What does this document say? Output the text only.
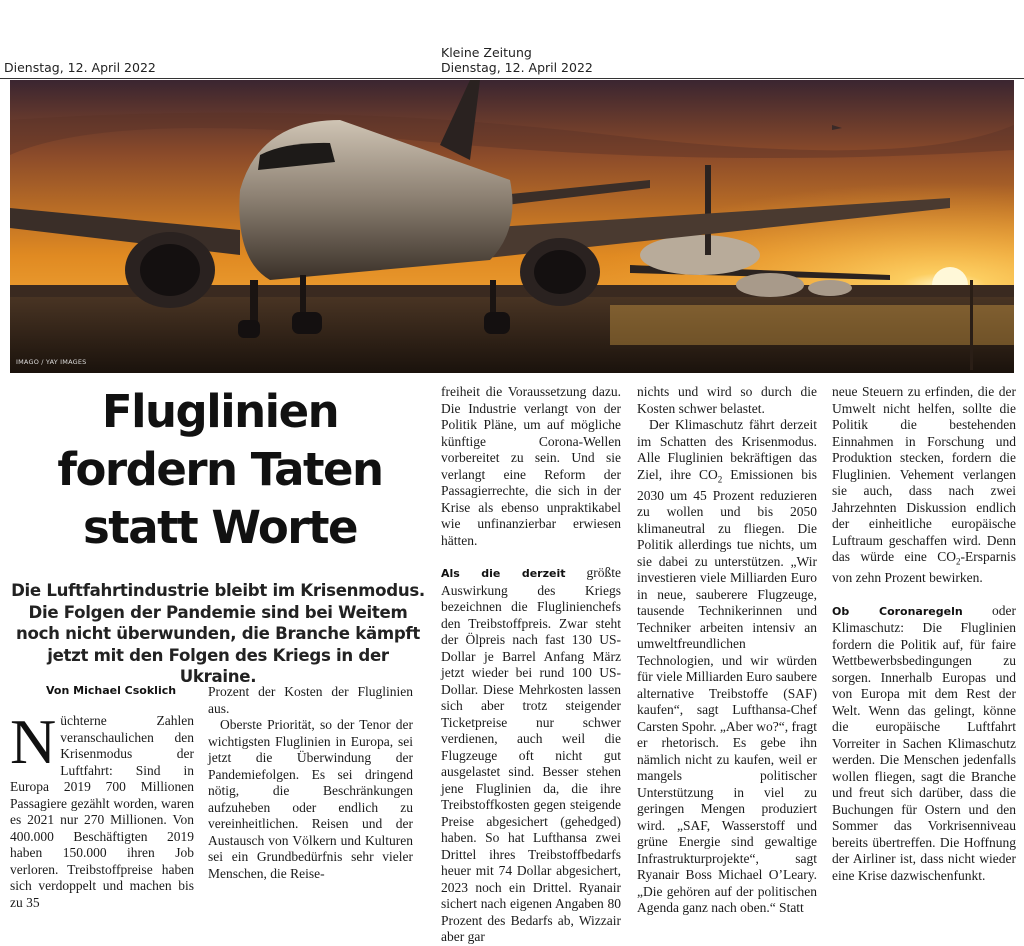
Dienstag, 12. April 2022
Kleine Zeitung
Dienstag, 12. April 2022
IMAGO / YAY IMAGES
Fluglinien
fordern Taten
statt Worte
Die Luftfahrtindustrie bleibt im Krisenmodus. Die Folgen der Pandemie sind bei Weitem noch nicht überwunden, die Branche kämpft jetzt mit den Folgen des Kriegs in der Ukraine.
Von Michael Csoklich

Nüchterne Zahlen veranschaulichen den Krisenmodus der Luftfahrt: Sind in Europa 2019 700 Millionen Passagiere gezählt worden, waren es 2021 nur 270 Millionen. Von 400.000 Beschäftigten 2019 haben 150.000 ihren Job verloren. Treibstoffpreise haben sich verdoppelt und machen bis zu 35

Prozent der Kosten der Fluglinien aus.

Oberste Priorität, so der Tenor der wichtigsten Fluglinien in Europa, sei jetzt die Überwindung der Pandemiefolgen. Es sei dringend nötig, die Beschränkungen aufzuheben oder endlich zu vereinheitlichen. Reisen und der Austausch von Völkern und Kulturen sei ein Grundbedürfnis sehr vieler Menschen, die Reise-

freiheit die Voraussetzung dazu. Die Industrie verlangt von der Politik Pläne, um auf mögliche künftige Corona-Wellen vorbereitet zu sein. Und sie verlangt eine Reform der Passagierrechte, die sich in der Krise als ebenso unpraktikabel wie unfinanzierbar erwiesen hätten.

Als die derzeit größte Auswirkung des Kriegs bezeichnen die Fluglinienchefs den Treibstoffpreis. Zwar steht der Ölpreis nach fast 130 US-Dollar je Barrel Anfang März jetzt wieder bei rund 100 US-Dollar. Diese Mehrkosten lassen sich aber trotz steigender Ticketpreise nur schwer verdienen, auch weil die Flugzeuge oft nicht gut ausgelastet sind. Besser stehen jene Fluglinien da, die ihre Treibstoffkosten gegen steigende Preise abgesichert (gehedged) haben. So hat Lufthansa zwei Drittel ihres Treibstoffbedarfs heuer mit 74 Dollar abgesichert, 2023 noch ein Drittel. Ryanair sichert nach eigenen Angaben 80 Prozent des Bedarfs ab, Wizzair aber gar

nichts und wird so durch die Kosten schwer belastet.

Der Klimaschutz fährt derzeit im Schatten des Krisenmodus. Alle Fluglinien bekräftigen das Ziel, ihre $CO_2$ Emissionen bis 2030 um 45 Prozent reduzieren zu wollen und bis 2050 klimaneutral zu fliegen. Die Politik allerdings tue nichts, um sie dabei zu unterstützen. „Wir investieren viele Milliarden Euro in neue, sauberere Flugzeuge, tausende Technikerinnen und Techniker arbeiten intensiv an umweltfreundlichen Technologien, und wir würden für viele Milliarden Euro saubere alternative Treibstoffe (SAF) kaufen“, sagt Lufthansa-Chef Carsten Spohr. „Aber wo?“, fragt er rhetorisch. Es gebe ihn nämlich nicht zu kaufen, weil er mangels politischer Unterstützung in viel zu geringen Mengen produziert wird. „SAF, Wasserstoff und grüne Energie sind gewaltige Infrastrukturprojekte“, sagt Ryanair Boss Michael O’Leary. „Die gehören auf der politischen Agenda ganz nach oben.“ Statt

neue Steuern zu erfinden, die der Umwelt nicht helfen, sollte die Politik die bestehenden Einnahmen in Forschung und Produktion stecken, fordern die Fluglinien. Vehement verlangen sie auch, dass nach zwei Jahrzehnten Diskussion endlich der einheitliche europäische Luftraum geschaffen wird. Denn das würde eine $CO_2$-Ersparnis von zehn Prozent bewirken.

Ob Coronaregeln oder Klimaschutz: Die Fluglinien fordern die Politik auf, für faire Wettbewerbsbedingungen zu sorgen. Innerhalb Europas und von Europa mit dem Rest der Welt. Wenn das gelingt, könne die europäische Luftfahrt Vorreiter in Sachen Klimaschutz werden. Die Menschen jedenfalls wollen fliegen, sagt die Branche und freut sich darüber, dass die Buchungen für Ostern und den Sommer das Vorkrisenniveau bereits übertreffen. Die Hoffnung der Airliner ist, dass nicht wieder eine Krise dazwischenfunkt.
